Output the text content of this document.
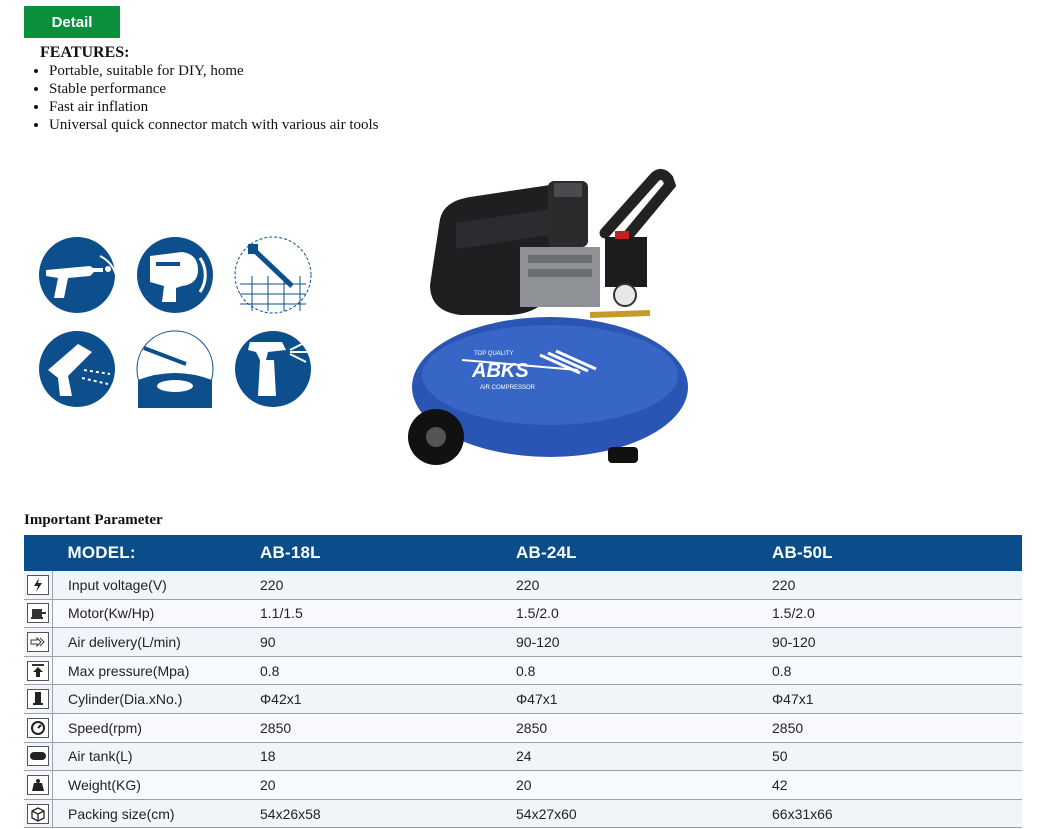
Detail
FEATURES:
• Portable, suitable for DIY, home
• Stable performance
• Fast air inflation
• Universal quick connector match with various air tools
ABKS
TOP QUALITY
AIR COMPRESSOR
Important Parameter
	MODEL:	AB-18L	AB-24L	AB-50L

	Input voltage(V)	220	220	220

	Motor(Kw/Hp)	1.1/1.5	1.5/2.0	1.5/2.0

	Air delivery(L/min)	90	90-120	90-120

	Max pressure(Mpa)	0.8	0.8	0.8

	Cylinder(Dia.xNo.)	Φ42x1	Φ47x1	Φ47x1

	Speed(rpm)	2850	2850	2850

	Air tank(L)	18	24	50

	Weight(KG)	20	20	42

	Packing size(cm)	54x26x58	54x27x60	66x31x66
